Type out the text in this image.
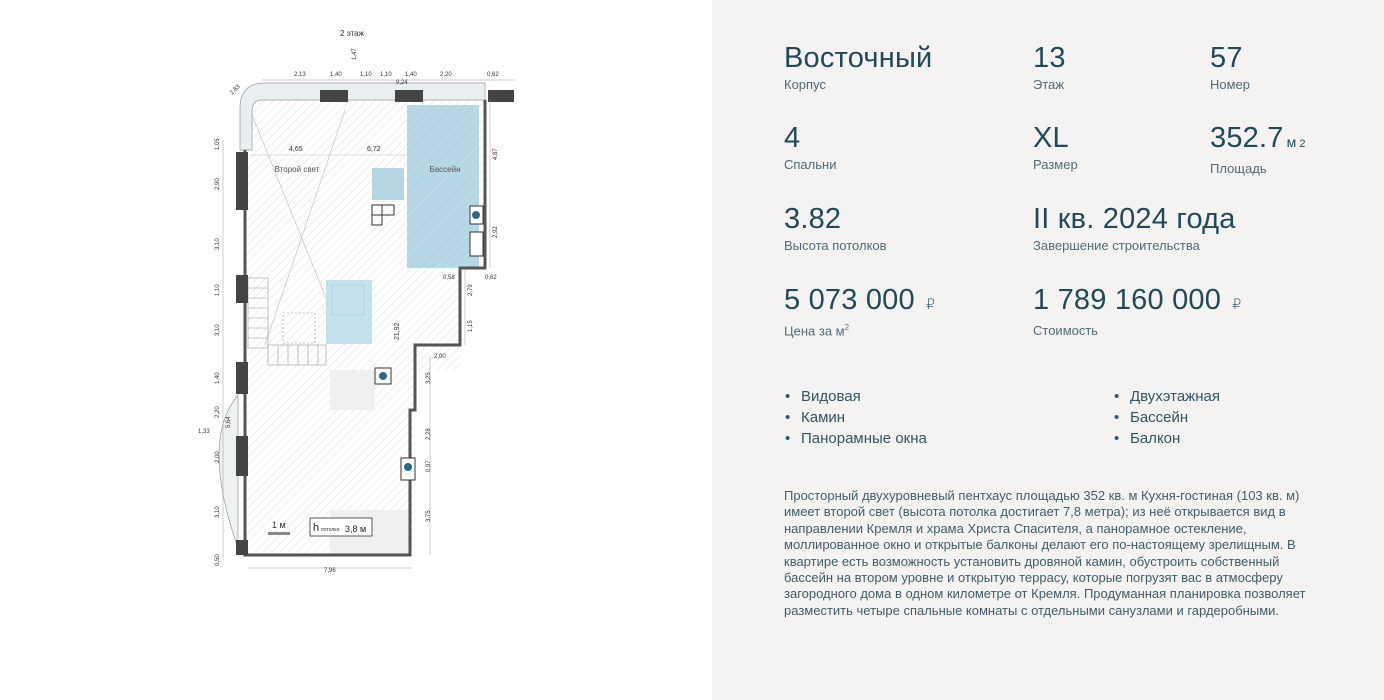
2 этаж
Второй свет	Бассейн
1 м h потолка 3,8 м
2,13	1,40	1,10 1,10 1,40	2,20	0,62
9,24
1,47
2,83
4,65	6,72
0,58	0,62
2,00
7,96
1,05
2,90
3,10
1,10
3,10
1,40
2,20
5,64
1,33
2,00
3,10
0,50
4,87
2,92
2,79
1,15
3,25
2,28
0,97
3,75
21,92
Восточный
Корпус
13
Этаж
57
Номер
4
Спальни
XL
Размер
352.7 м $^2$
Площадь
3.82
Высота потолков
II кв. 2024 года
Завершение строительства
5 073 000 ₽
Цена за $м^2$
1 789 160 000 ₽
Стоимость
• Видовая
• Камин
• Панорамные окна
• Двухэтажная
• Бассейн
• Балкон
Просторный двухуровневый пентхаус площадью 352 кв. м Кухня-гостиная (103 кв. м) имеет второй свет (высота потолка достигает 7,8 метра); из неё открывается вид в направлении Кремля и храма Христа Спасителя, а панорамное остекление, моллированное окно и открытые балконы делают его по-настоящему зрелищным. В квартире есть возможность установить дровяной камин, обустроить собственный бассейн на втором уровне и открытую террасу, которые погрузят вас в атмосферу загородного дома в одном километре от Кремля. Продуманная планировка позволяет разместить четыре спальные комнаты с отдельными санузлами и гардеробными.
